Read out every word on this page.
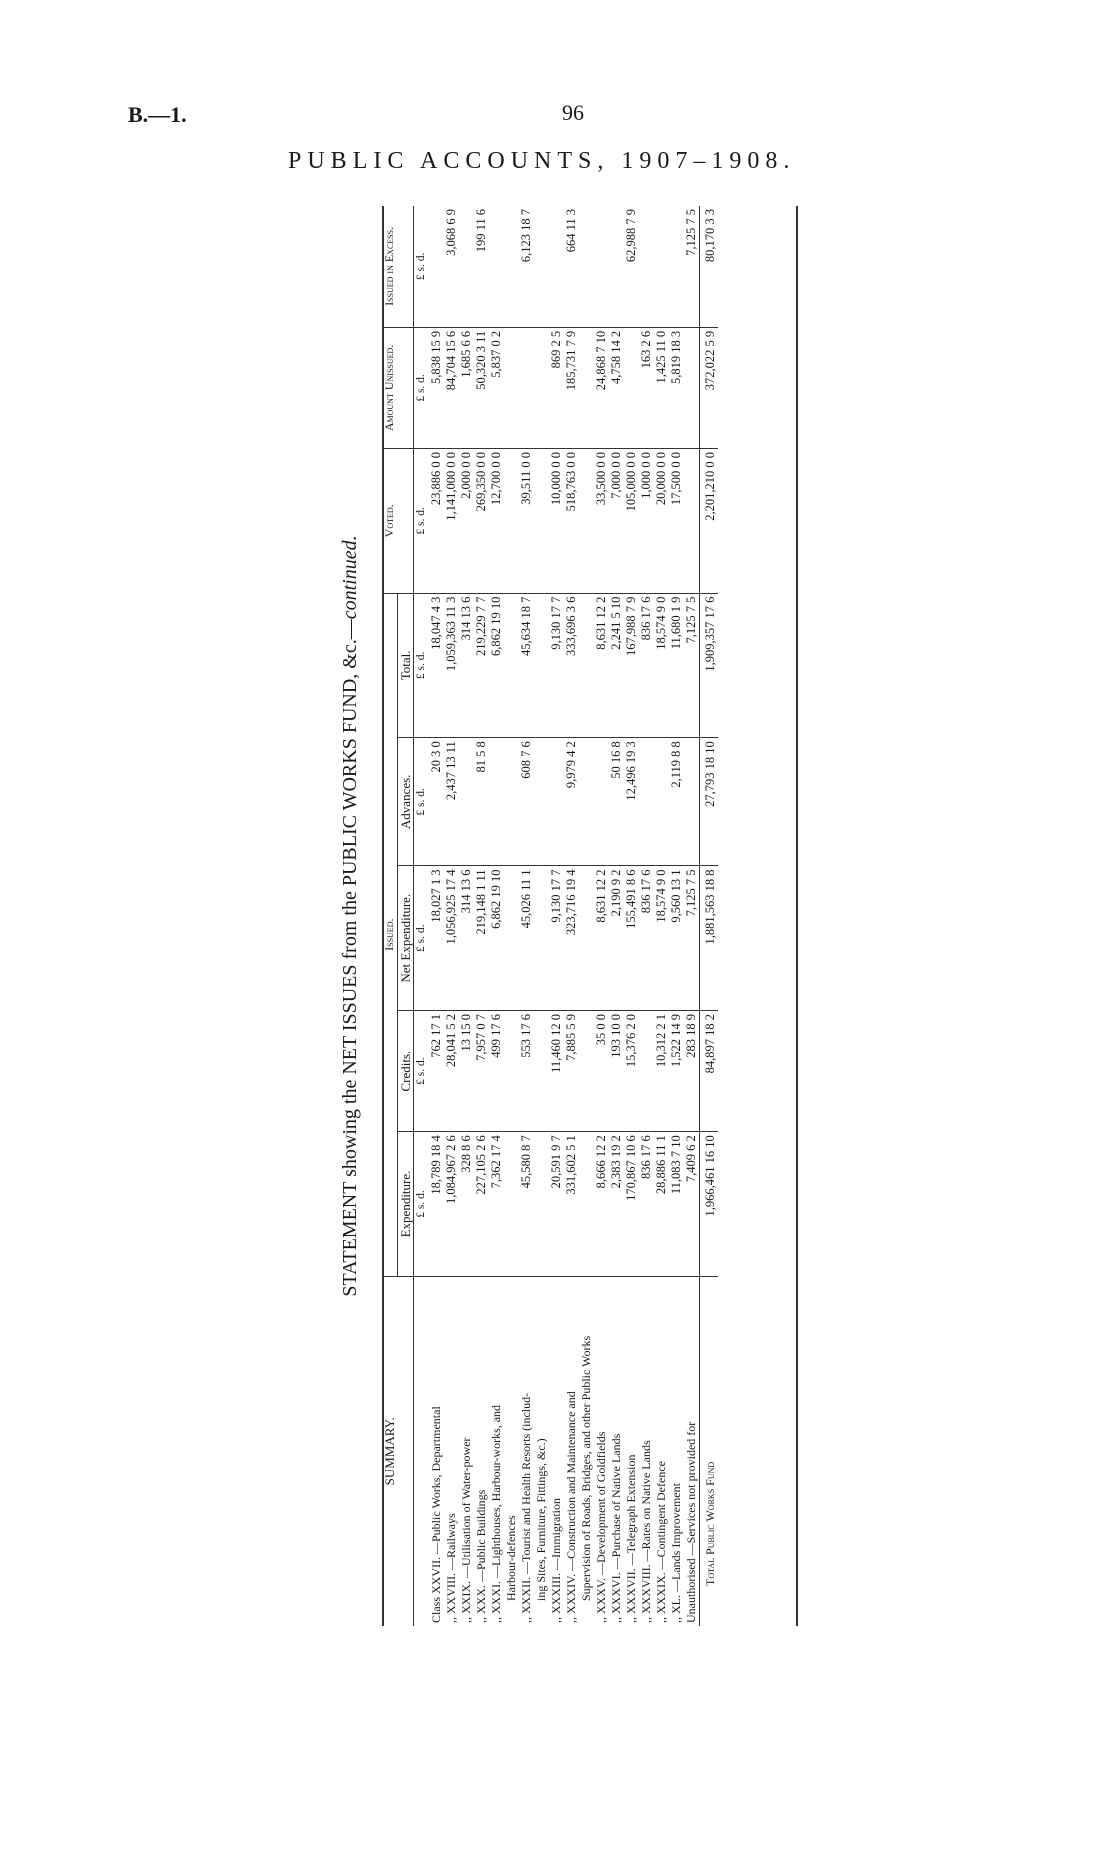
B.—1.	96
PUBLIC ACCOUNTS, 1907–1908.
STATEMENT showing the NET ISSUES from the PUBLIC WORKS FUND, &c.—continued.
SUMMARY.	Issued.					Voted.	Amount Unissued.	Issued in Excess.
	Expenditure.	Credits.	Net Expenditure.	Advances.	Total.			
	£ s. d.	£ s. d.	£ s. d.	£ s. d.	£ s. d.	£ s. d.	£ s. d.	£ s. d.
Class XXVII. —Public Works, Departmental	18,789 18 4	762 17 1	18,027 1 3	20 3 0	18,047 4 3	23,886 0 0	5,838 15 9	
,, XXVIII. —Railways	1,084,967 2 6	28,041 5 2	1,056,925 17 4	2,437 13 11	1,059,363 11 3	1,141,000 0 0	84,704 15 6	3,068 6 9
,, XXIX. —Utilisation of Water-power	328 8 6	13 15 0	314 13 6		314 13 6	2,000 0 0	1,685 6 6	
,, XXX. —Public Buildings	227,105 2 6	7,957 0 7	219,148 1 11	81 5 8	219,229 7 7	269,350 0 0	50,320 3 11	199 11 6
,, XXXI. —Lighthouses, Harbour-works, and Harbour-defences	7,362 17 4	499 17 6	6,862 19 10		6,862 19 10	12,700 0 0	5,837 0 2	
,, XXXII. —Tourist and Health Resorts (includ- ing Sites, Furniture, Fittings, &c.)	45,580 8 7	553 17 6	45,026 11 1	608 7 6	45,634 18 7	39,511 0 0		6,123 18 7
,, XXXIII. —Immigration	20,591 9 7	11,460 12 0	9,130 17 7		9,130 17 7	10,000 0 0	869 2 5	
,, XXXIV. —Construction and Maintenance and Supervision of Roads, Bridges, and other Public Works	331,602 5 1	7,885 5 9	323,716 19 4	9,979 4 2	333,696 3 6	518,763 0 0	185,731 7 9	664 11 3
,, XXXV. —Development of Goldfields	8,666 12 2	35 0 0	8,631 12 2		8,631 12 2	33,500 0 0	24,868 7 10	
,, XXXVI. —Purchase of Native Lands	2,383 19 2	193 10 0	2,190 9 2	50 16 8	2,241 5 10	7,000 0 0	4,758 14 2	
,, XXXVII. —Telegraph Extension	170,867 10 6	15,376 2 0	155,491 8 6	12,496 19 3	167,988 7 9	105,000 0 0		62,988 7 9
,, XXXVIII. —Rates on Native Lands	836 17 6		836 17 6		836 17 6	1,000 0 0	163 2 6	
,, XXXIX. —Contingent Defence	28,886 11 1	10,312 2 1	18,574 9 0		18,574 9 0	20,000 0 0	1,425 11 0	
,, XL. —Lands Improvement	11,083 7 10	1,522 14 9	9,560 13 1	2,119 8 8	11,680 1 9	17,500 0 0	5,819 18 3	
Unauthorised —Services not provided for	7,409 6 2	283 18 9	7,125 7 5		7,125 7 5			7,125 7 5
Total Public Works Fund	1,966,461 16 10	84,897 18 2	1,881,563 18 8	27,793 18 10	1,909,357 17 6	2,201,210 0 0	372,022 5 9	80,170 3 3
